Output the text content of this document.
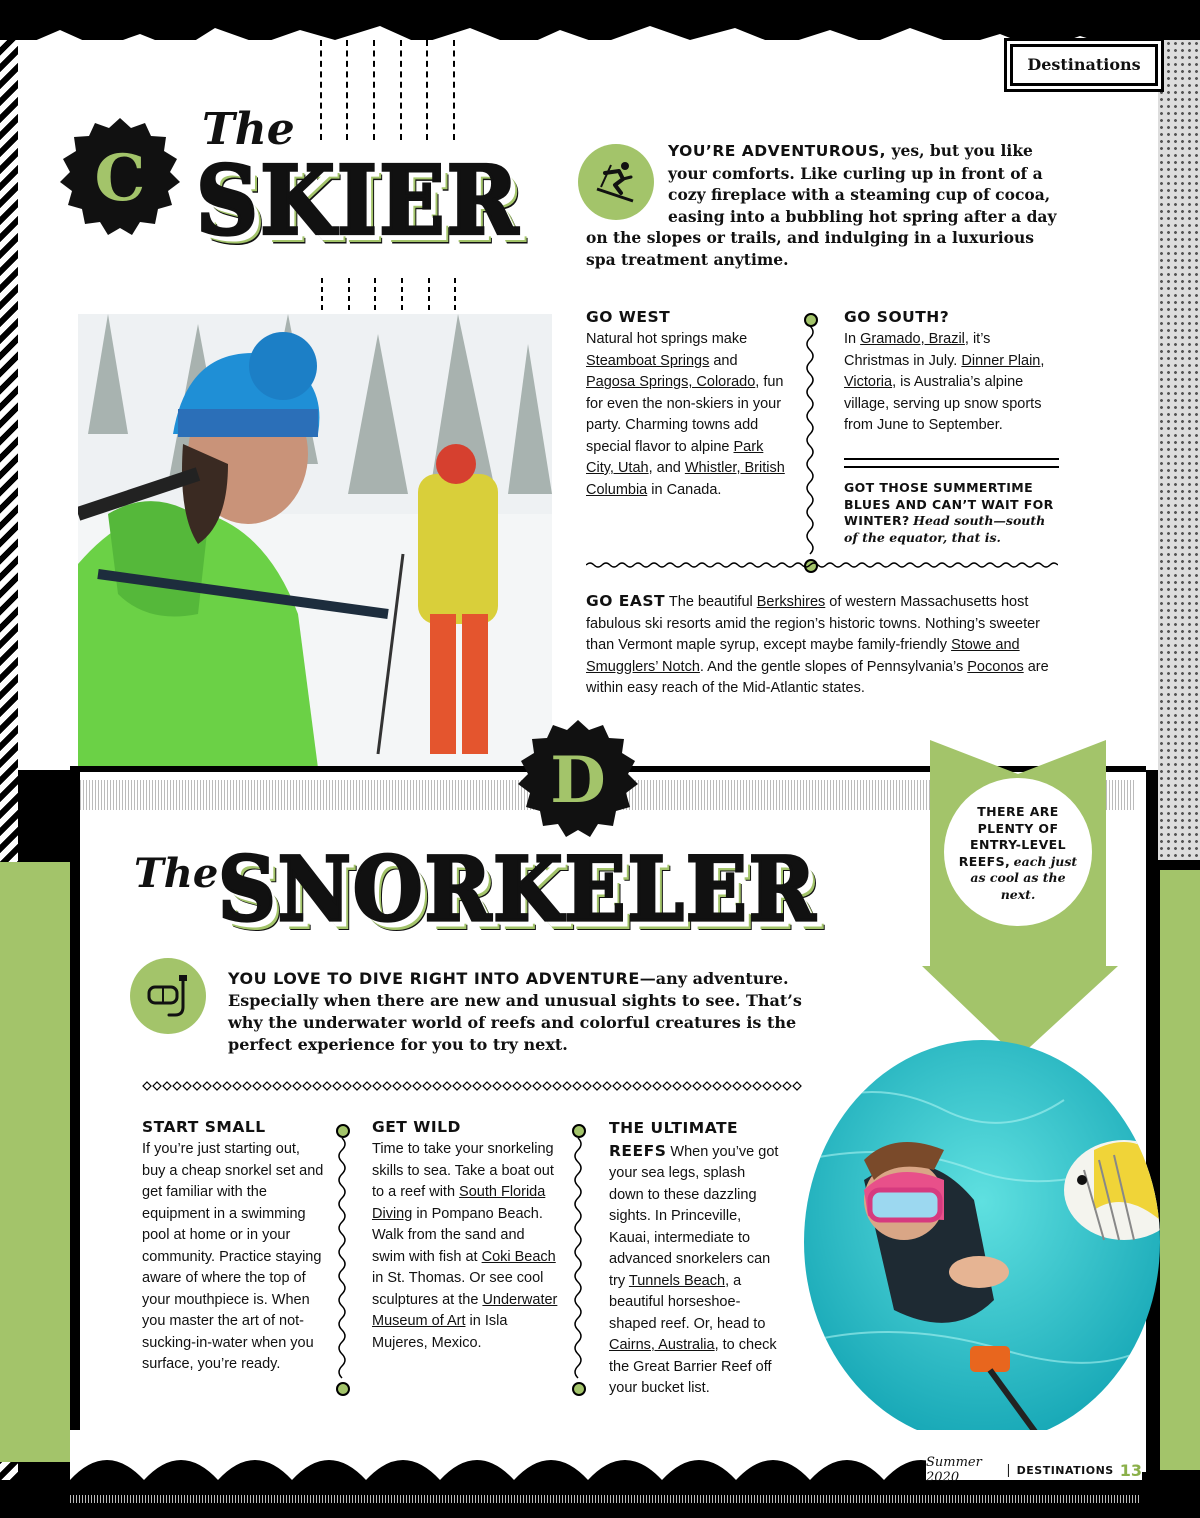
Destinations
C
The
SKIER	YOU’RE ADVENTUROUS, yes, but you like your comforts. Like curling up in front of a cozy fireplace with a steaming cup of cocoa, easing into a bubbling hot spring after a day on the slopes or trails, and indulging in a luxurious spa treatment anytime.
GO WEST
Natural hot springs make Steamboat Springs and Pagosa Springs, Colorado, fun for even the non-skiers in your party. Charming towns add special flavor to alpine Park City, Utah, and Whistler, British Columbia in Canada.
GO SOUTH?
In Gramado, Brazil, it’s Christmas in July. Dinner Plain, Victoria, is Australia’s alpine village, serving up snow sports from June to September.
GOT THOSE SUMMERTIME BLUES AND CAN’T WAIT FOR WINTER? Head south—south of the equator, that is.
GO EAST The beautiful Berkshires of western Massachusetts host fabulous ski resorts amid the region’s historic towns. Nothing’s sweeter than Vermont maple syrup, except maybe family-friendly Stowe and Smugglers’ Notch. And the gentle slopes of Pennsylvania’s Poconos are within easy reach of the Mid-Atlantic states.
THERE ARE PLENTY OF ENTRY-LEVEL REEFS, each just as cool as the next.
D
The SNORKELER
YOU LOVE TO DIVE RIGHT INTO ADVENTURE—any adventure. Especially when there are new and unusual sights to see. That’s why the underwater world of reefs and colorful creatures is the perfect experience for you to try next.
START SMALL
If you’re just starting out, buy a cheap snorkel set and get familiar with the equipment in a swimming pool at home or in your community. Practice staying aware of where the top of your mouthpiece is. When you master the art of not-sucking-in-water when you surface, you’re ready.
GET WILD
Time to take your snorkeling skills to sea. Take a boat out to a reef with South Florida Diving in Pompano Beach. Walk from the sand and swim with fish at Coki Beach in St. Thomas. Or see cool sculptures at the Underwater Museum of Art in Isla Mujeres, Mexico.
THE ULTIMATE REEFS When you’ve got your sea legs, splash down to these dazzling sights. In Princeville, Kauai, intermediate to advanced snorkelers can try Tunnels Beach, a beautiful horseshoe-shaped reef. Or, head to Cairns, Australia, to check the Great Barrier Reef off your bucket list.
Summer 2020	| DESTINATIONS 13
